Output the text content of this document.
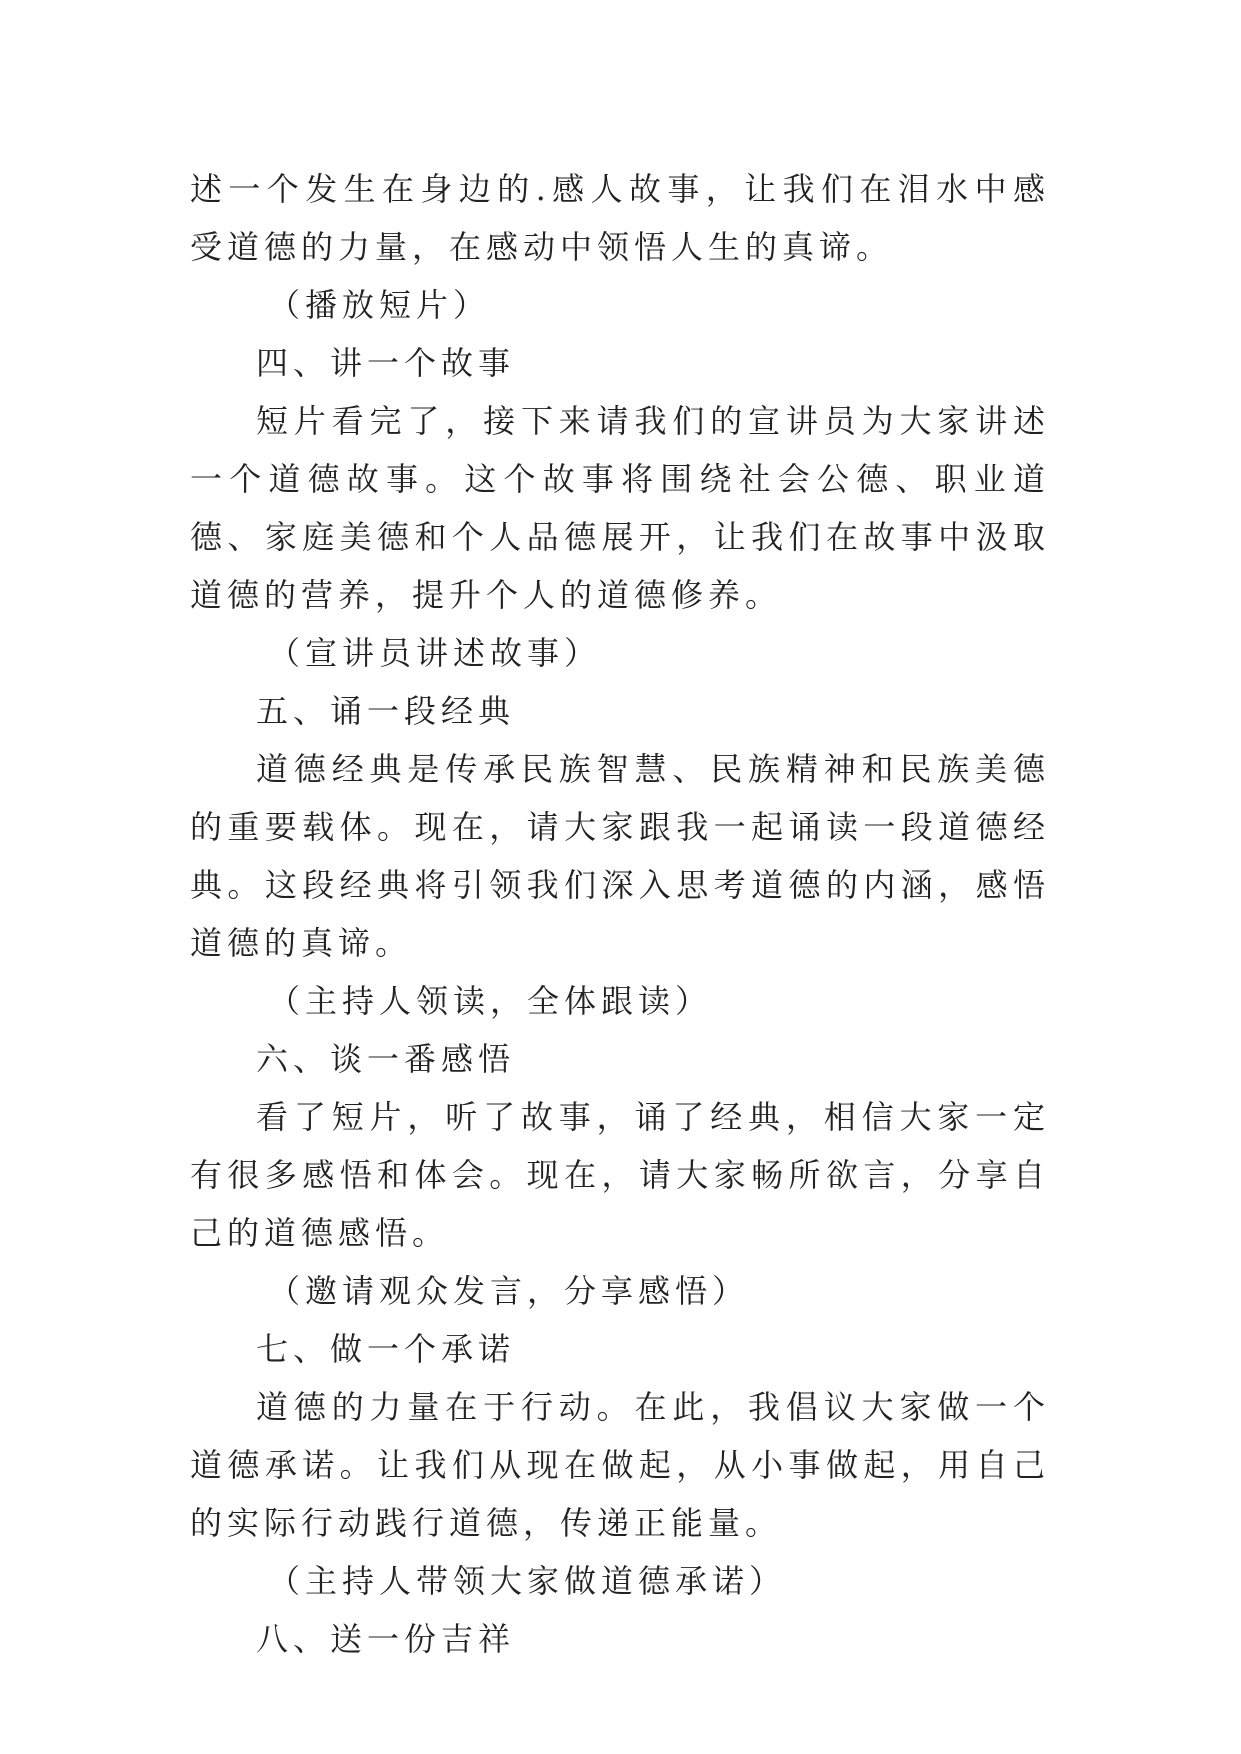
述一个发生在身边的.感人故事，让我们在泪水中感受道德的力量，在感动中领悟人生的真谛。

（播放短片）

四、讲一个故事

短片看完了，接下来请我们的宣讲员为大家讲述一个道德故事。这个故事将围绕社会公德、职业道德、家庭美德和个人品德展开，让我们在故事中汲取道德的营养，提升个人的道德修养。

（宣讲员讲述故事）

五、诵一段经典

道德经典是传承民族智慧、民族精神和民族美德的重要载体。现在，请大家跟我一起诵读一段道德经典。这段经典将引领我们深入思考道德的内涵，感悟道德的真谛。

（主持人领读，全体跟读）

六、谈一番感悟

看了短片，听了故事，诵了经典，相信大家一定有很多感悟和体会。现在，请大家畅所欲言，分享自己的道德感悟。

（邀请观众发言，分享感悟）

七、做一个承诺

道德的力量在于行动。在此，我倡议大家做一个道德承诺。让我们从现在做起，从小事做起，用自己的实际行动践行道德，传递正能量。

（主持人带领大家做道德承诺）

八、送一份吉祥
